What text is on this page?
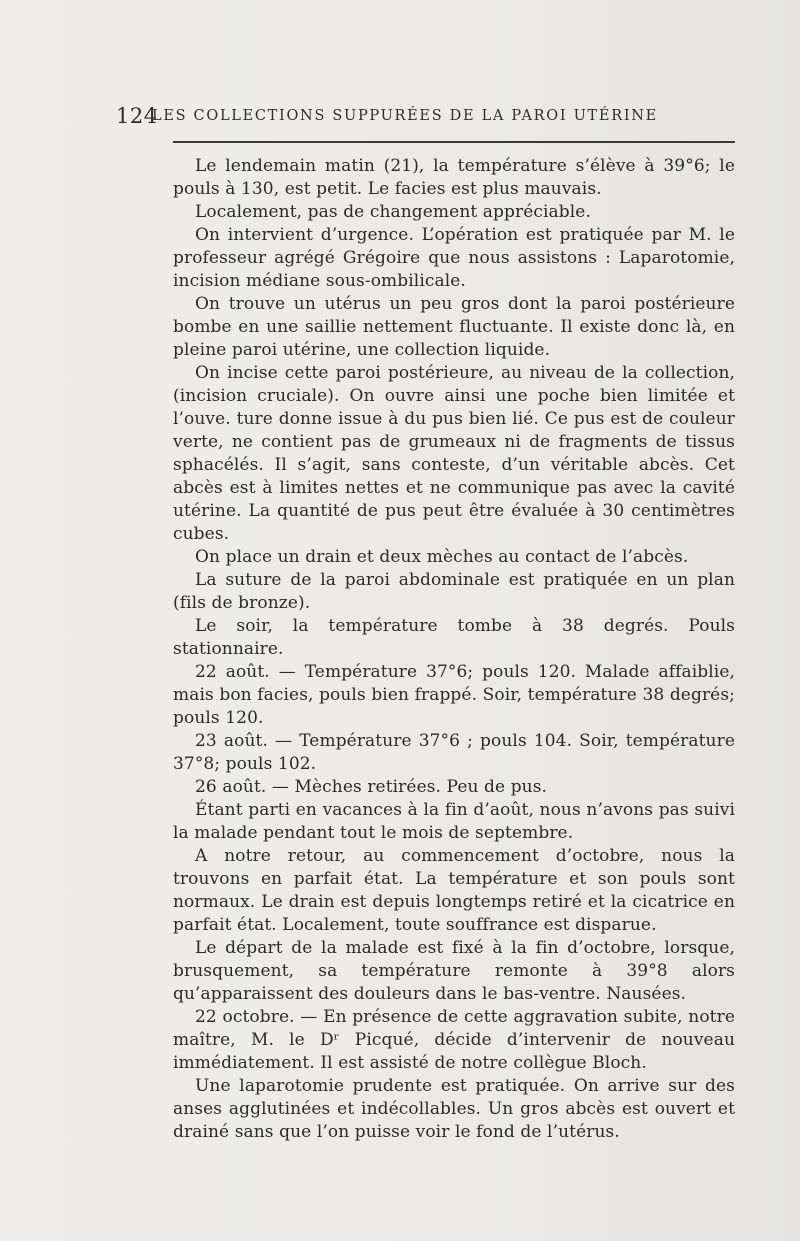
124
LES COLLECTIONS SUPPURÉES DE LA PAROI UTÉRINE

Le lendemain matin (21), la température s’élève à 39°6; le pouls à 130, est petit. Le facies est plus mauvais.

Localement, pas de changement appréciable.

On intervient d’urgence. L’opération est pratiquée par M. le professeur agrégé Grégoire que nous assistons : Laparotomie, incision médiane sous-ombilicale.

On trouve un utérus un peu gros dont la paroi postérieure bombe en une saillie nettement fluctuante. Il existe donc là, en pleine paroi utérine, une collection liquide.

On incise cette paroi postérieure, au niveau de la collection, (incision cruciale). On ouvre ainsi une poche bien limitée et l’ouve. ture donne issue à du pus bien lié. Ce pus est de couleur verte, ne contient pas de grumeaux ni de fragments de tissus sphacélés. Il s’agit, sans conteste, d’un véritable abcès. Cet abcès est à limites nettes et ne communique pas avec la cavité utérine. La quantité de pus peut être évaluée à 30 centimètres cubes.

On place un drain et deux mèches au contact de l’abcès.

La suture de la paroi abdominale est pratiquée en un plan (fils de bronze).

Le soir, la température tombe à 38 degrés. Pouls stationnaire.

22 août. — Température 37°6; pouls 120. Malade affaiblie, mais bon facies, pouls bien frappé. Soir, température 38 degrés; pouls 120.

23 août. — Température 37°6 ; pouls 104. Soir, température 37°8; pouls 102.

26 août. — Mèches retirées. Peu de pus.

Étant parti en vacances à la fin d’août, nous n’avons pas suivi la malade pendant tout le mois de septembre.

A notre retour, au commencement d’octobre, nous la trouvons en parfait état. La température et son pouls sont normaux. Le drain est depuis longtemps retiré et la cicatrice en parfait état. Localement, toute souffrance est disparue.

Le départ de la malade est fixé à la fin d’octobre, lorsque, brusquement, sa température remonte à 39°8 alors qu’apparaissent des douleurs dans le bas-ventre. Nausées.

22 octobre. — En présence de cette aggravation subite, notre maître, M. le Dʳ Picqué, décide d’intervenir de nouveau immédiatement. Il est assisté de notre collègue Bloch.

Une laparotomie prudente est pratiquée. On arrive sur des anses agglutinées et indécollables. Un gros abcès est ouvert et drainé sans que l’on puisse voir le fond de l’utérus.
